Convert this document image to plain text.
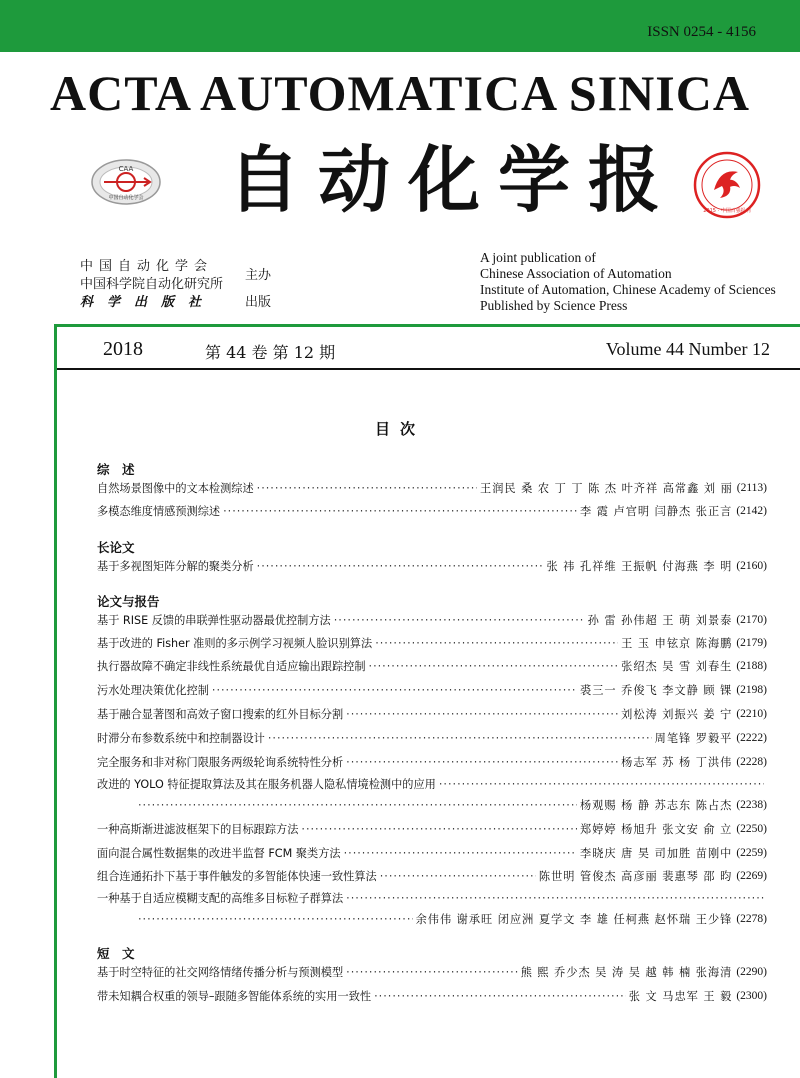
ISSN 0254 - 4156
ACTA AUTOMATICA SINICA
CAA
中国自动化学会 自动化学报	2015 · 中国百强报刊
中国自动化学会
中国科学院自动化研究所
科学出版社
主办
出版
A joint publication of
Chinese Association of Automation
Institute of Automation, Chinese Academy of Sciences
Published by Science Press
2018	第 44 卷 第 12 期	Volume 44 Number 12
目次
综　述
自然场景图像中的文本检测综述 ·····	王润民 桑 农 丁 丁 陈 杰 叶齐祥 高常鑫 刘 丽 (2113)
多模态维度情感预测综述 ·····	李 霞 卢官明 闫静杰 张正言 (2142)
长论文
基于多视图矩阵分解的聚类分析 ·····	张 祎 孔祥维 王振帆 付海燕 李 明 (2160)
论文与报告
基于 RISE 反馈的串联弹性驱动器最优控制方法 ·····	孙 雷 孙伟超 王 萌 刘景泰 (2170)
基于改进的 Fisher 准则的多示例学习视频人脸识别算法 ·····	王 玉 申铉京 陈海鹏 (2179)
执行器故障不确定非线性系统最优自适应输出跟踪控制 ·····	张绍杰 吴 雪 刘春生 (2188)
污水处理决策优化控制 ·····	裘三一 乔俊飞 李文静 顾 锞 (2198)
基于融合显著图和高效子窗口搜索的红外目标分割 ·····	刘松涛 刘振兴 姜 宁 (2210)
时滞分布参数系统中和控制器设计 ·····	周笔锋 罗毅平 (2222)
完全服务和非对称门限服务两级轮询系统特性分析 ·····	杨志军 苏 杨 丁洪伟 (2228)
改进的 YOLO 特征提取算法及其在服务机器人隐私情境检测中的应用
·····
·····
杨观赐 杨 静 苏志东 陈占杰 (2238)
一种高斯渐进滤波框架下的目标跟踪方法 ·····	郑婷婷 杨旭升 张文安 俞 立 (2250)
面向混合属性数据集的改进半监督 FCM 聚类方法 ·····	李晓庆 唐 昊 司加胜 苗刚中 (2259)
组合连通拓扑下基于事件触发的多智能体快速一致性算法 ·····	陈世明 管俊杰 高彦丽 裴惠琴 邵 昀 (2269)
一种基于自适应模糊支配的高维多目标粒子群算法
·····
·····
余伟伟 谢承旺 闭应洲 夏学文 李 雄 任柯燕 赵怀瑞 王少锋 (2278)
短　文
基于时空特征的社交网络情绪传播分析与预测模型 ·····	熊 熙 乔少杰 吴 涛 吴 越 韩 楠 张海清 (2290)
带未知耦合权重的领导–跟随多智能体系统的实用一致性 ·····	张 文 马忠军 王 毅 (2300)
